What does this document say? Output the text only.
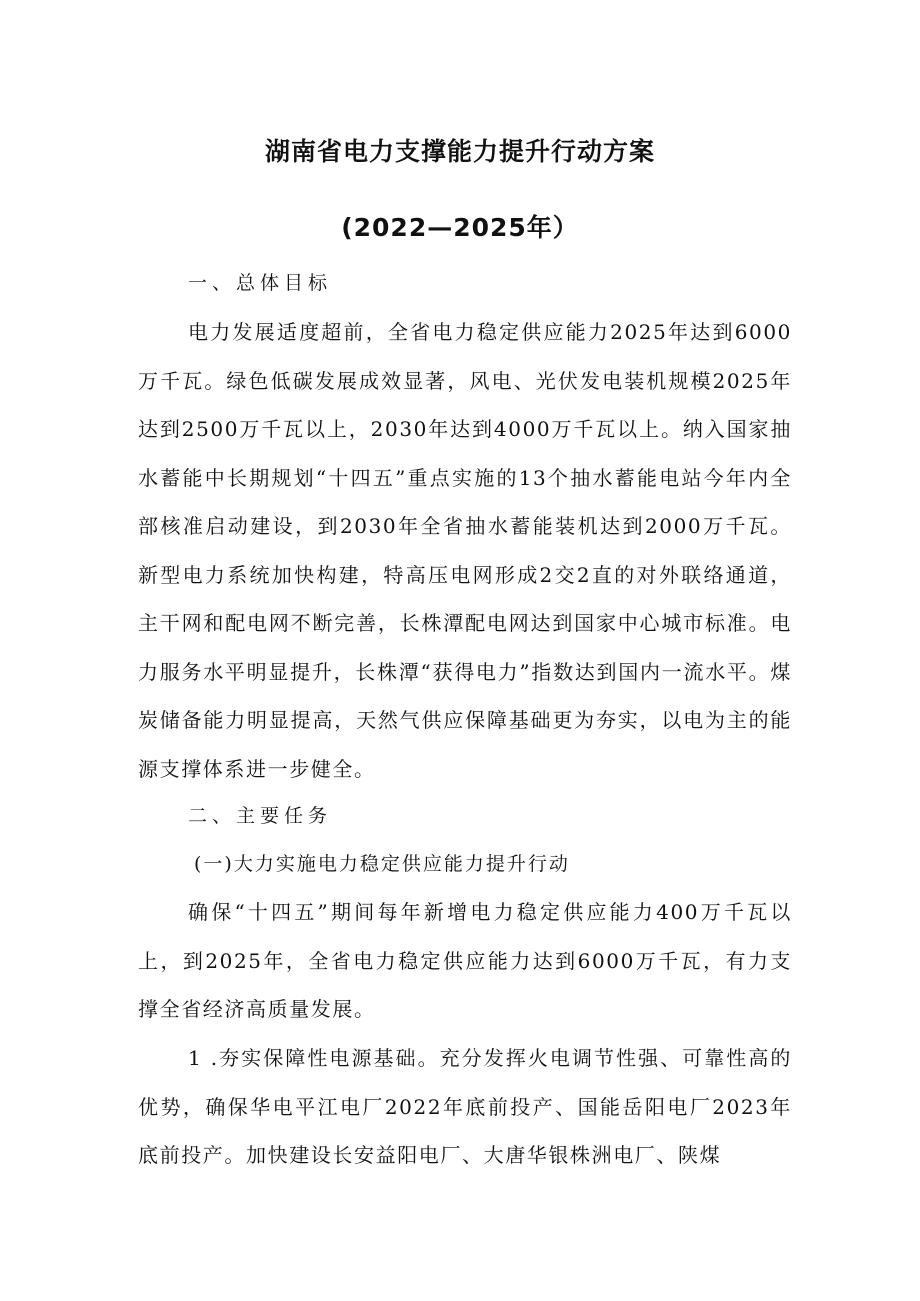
湖南省电力支撑能力提升行动方案
(2022—2025年）
一、总体目标

电力发展适度超前，全省电力稳定供应能力2025年达到6000万千瓦。绿色低碳发展成效显著，风电、光伏发电装机规模2025年达到2500万千瓦以上，2030年达到4000万千瓦以上。纳入国家抽水蓄能中长期规划“十四五”重点实施的13个抽水蓄能电站今年内全部核准启动建设，到2030年全省抽水蓄能装机达到2000万千瓦。新型电力系统加快构建，特高压电网形成2交2直的对外联络通道，主干网和配电网不断完善，长株潭配电网达到国家中心城市标准。电力服务水平明显提升，长株潭“获得电力”指数达到国内一流水平。煤炭储备能力明显提高，天然气供应保障基础更为夯实，以电为主的能源支撑体系进一步健全。

二、主要任务
(一)大力实施电力稳定供应能力提升行动

确保“十四五”期间每年新增电力稳定供应能力400万千瓦以上，到2025年，全省电力稳定供应能力达到6000万千瓦，有力支撑全省经济高质量发展。

1 .夯实保障性电源基础。充分发挥火电调节性强、可靠性高的优势，确保华电平江电厂2022年底前投产、国能岳阳电厂2023年底前投产。加快建设长安益阳电厂、大唐华银株洲电厂、陕煤
